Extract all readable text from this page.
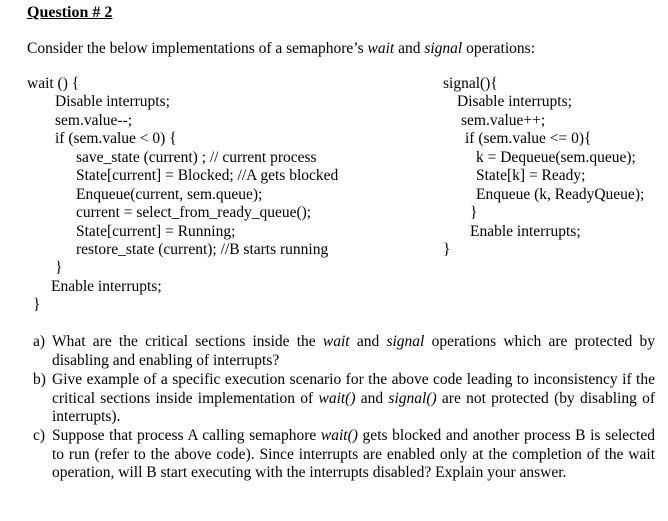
Question # 2
Consider the below implementations of a semaphore’s wait and signal operations:
wait () {
Disable interrupts;
sem.value--;
if (sem.value < 0) {
save_state (current) ; // current process
State[current] = Blocked; //A gets blocked
Enqueue(current, sem.queue);
current = select_from_ready_queue();
State[current] = Running;
restore_state (current); //B starts running
}
Enable interrupts;
}
signal(){
Disable interrupts;
sem.value++;
if (sem.value <= 0){
k = Dequeue(sem.queue);
State[k] = Ready;
Enqueue (k, ReadyQueue);
}
Enable interrupts;
}
a) What are the critical sections inside the wait and signal operations which are protected by disabling and enabling of interrupts?
b) Give example of a specific execution scenario for the above code leading to inconsistency if the critical sections inside implementation of wait() and signal() are not protected (by disabling of interrupts).
c) Suppose that process A calling semaphore wait() gets blocked and another process B is selected to run (refer to the above code). Since interrupts are enabled only at the completion of the wait operation, will B start executing with the interrupts disabled? Explain your answer.
